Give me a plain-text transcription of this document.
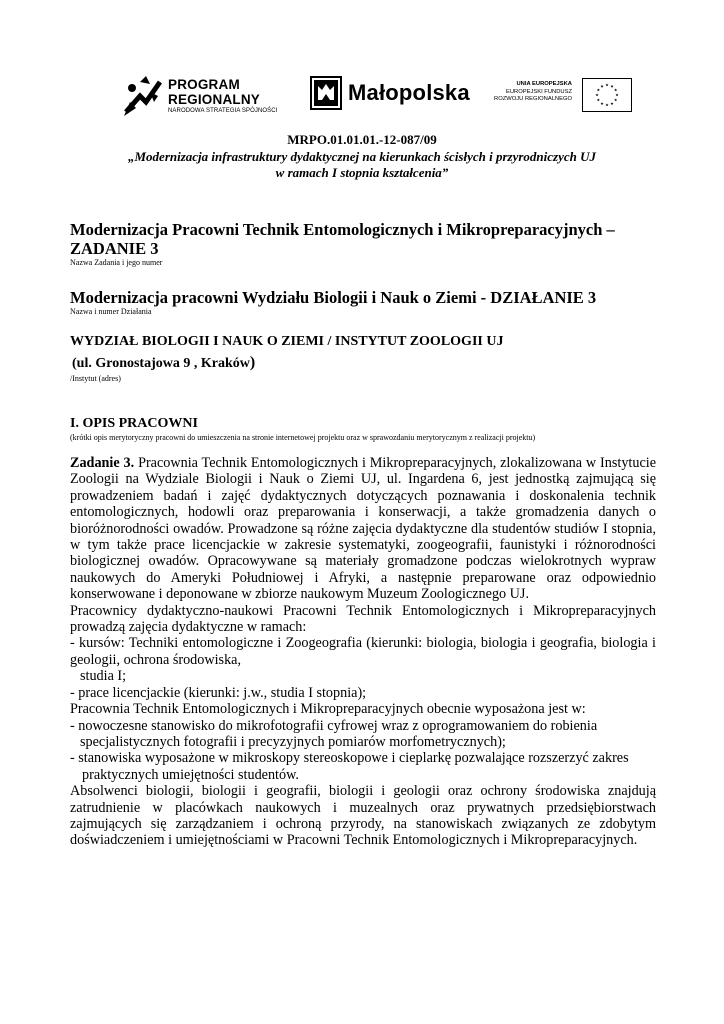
PROGRAM
REGIONALNY
NARODOWA STRATEGIA SPÓJNOŚCI
Małopolska	UNIA EUROPEJSKA
EUROPEJSKI FUNDUSZ
ROZWOJU REGIONALNEGO
MRPO.01.01.01.-12-087/09
„Modernizacja infrastruktury dydaktycznej na kierunkach ścisłych i przyrodniczych UJ
w ramach I stopnia kształcenia”
Modernizacja Pracowni Technik Entomologicznych i Mikropreparacyjnych –
ZADANIE 3
Nazwa Zadania i jego numer
Modernizacja pracowni Wydziału Biologii i Nauk o Ziemi - DZIAŁANIE 3
Nazwa i numer Działania
WYDZIAŁ BIOLOGII I NAUK O ZIEMI / INSTYTUT ZOOLOGII UJ
(ul. Gronostajowa 9 , Kraków)
/Instytut (adres)
I. OPIS PRACOWNI
(krótki opis merytoryczny pracowni do umieszczenia na stronie internetowej projektu oraz w sprawozdaniu merytorycznym z realizacji projektu)

Zadanie 3. Pracownia Technik Entomologicznych i Mikropreparacyjnych, zlokalizowana w Instytucie Zoologii na Wydziale Biologii i Nauk o Ziemi UJ, ul. Ingardena 6, jest jednostką zajmującą się prowadzeniem badań i zajęć dydaktycznych dotyczących poznawania i doskonalenia technik entomologicznych, hodowli oraz preparowania i konserwacji, a także gromadzenia danych o bioróżnorodności owadów. Prowadzone są różne zajęcia dydaktyczne dla studentów studiów I stopnia, w tym także prace licencjackie w zakresie systematyki, zoogeografii, faunistyki i różnorodności biologicznej owadów. Opracowywane są materiały gromadzone podczas wielokrotnych wypraw naukowych do Ameryki Południowej i Afryki, a następnie preparowane oraz odpowiednio konserwowane i deponowane w zbiorze naukowym Muzeum Zoologicznego UJ.

Pracownicy dydaktyczno-naukowi Pracowni Technik Entomologicznych i Mikropreparacyjnych prowadzą zajęcia dydaktyczne w ramach:

- kursów: Techniki entomologiczne i Zoogeografia (kierunki: biologia, biologia i geografia, biologia i geologii, ochrona środowiska,

studia I;

- prace licencjackie (kierunki: j.w., studia I stopnia);

Pracownia Technik Entomologicznych i Mikropreparacyjnych obecnie wyposażona jest w:

- nowoczesne stanowisko do mikrofotografii cyfrowej wraz z oprogramowaniem do robienia

specjalistycznych fotografii i precyzyjnych pomiarów morfometrycznych);

- stanowiska wyposażone w mikroskopy stereoskopowe i cieplarkę pozwalające rozszerzyć zakres

praktycznych umiejętności studentów.

Absolwenci biologii, biologii i geografii, biologii i geologii oraz ochrony środowiska znajdują zatrudnienie w placówkach naukowych i muzealnych oraz prywatnych przedsiębiorstwach zajmujących się zarządzaniem i ochroną przyrody, na stanowiskach związanych ze zdobytym doświadczeniem i umiejętnościami w Pracowni Technik Entomologicznych i Mikropreparacyjnych.
